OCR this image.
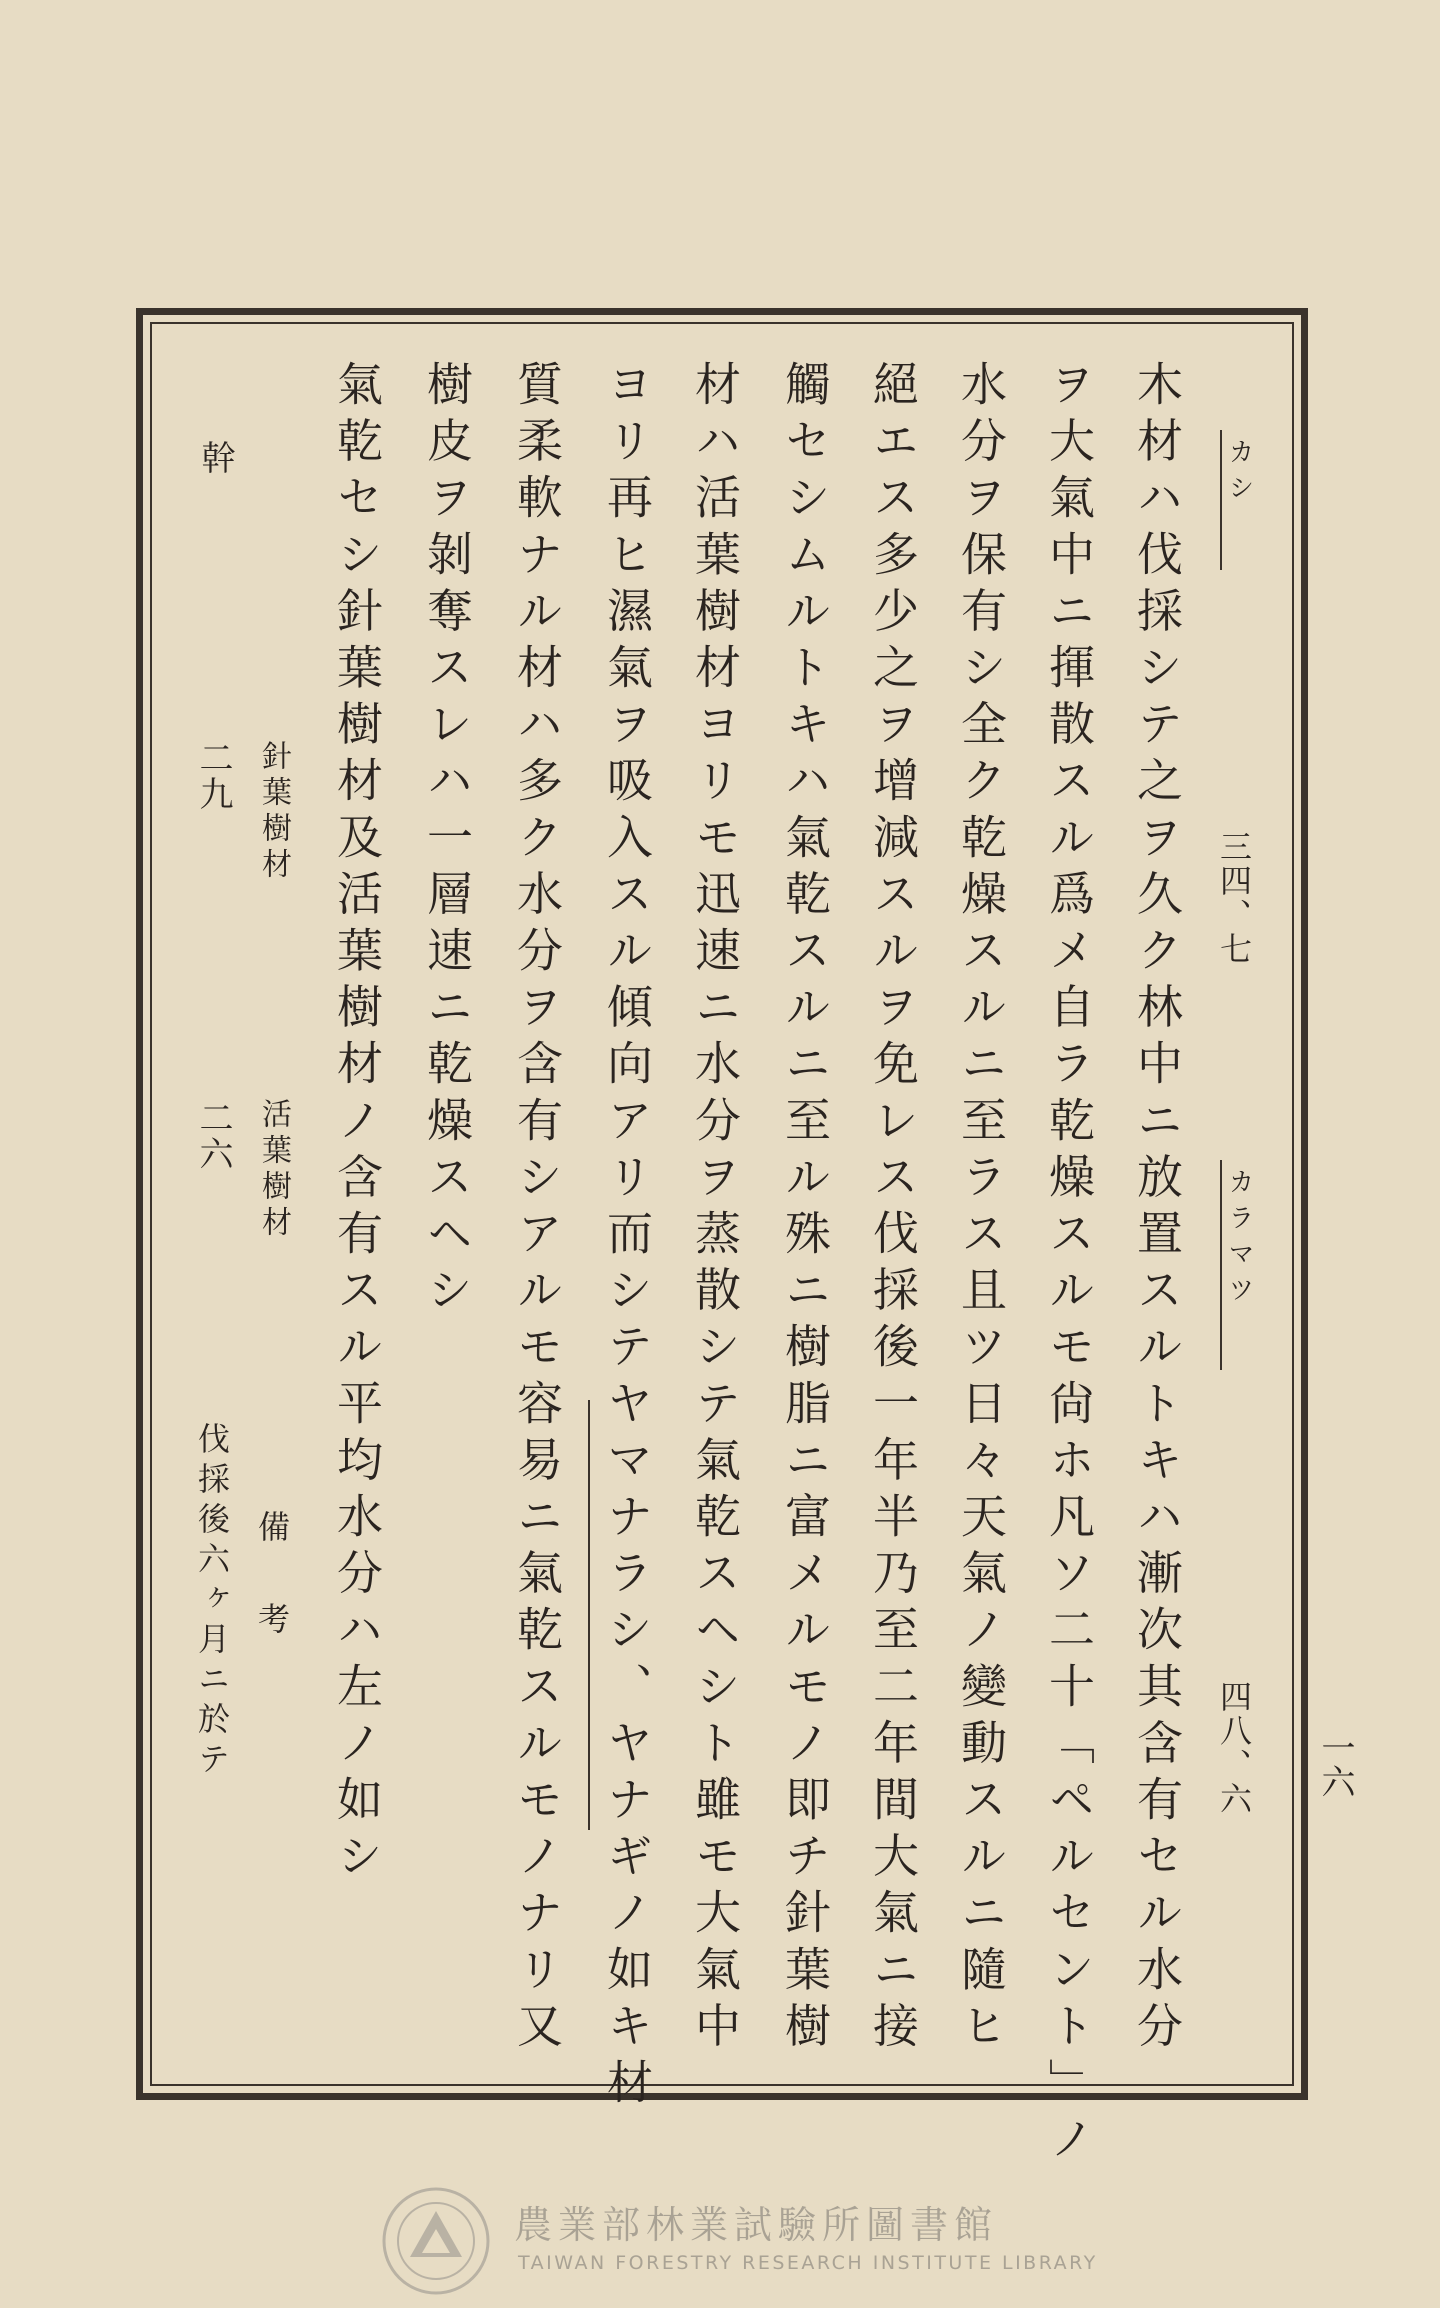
一六
カシ
三四、七
カラマツ
四八、六
木材ハ伐採シテ之ヲ久ク林中ニ放置スルトキハ漸次其含有セル水分
ヲ大氣中ニ揮散スル爲メ自ラ乾燥スルモ尙ホ凡ソ二十「ペルセント」ノ
水分ヲ保有シ全ク乾燥スルニ至ラス且ツ日々天氣ノ變動スルニ隨ヒ
絕エス多少之ヲ增減スルヲ免レス伐採後一年半乃至二年間大氣ニ接
觸セシムルトキハ氣乾スルニ至ル殊ニ樹脂ニ富メルモノ即チ針葉樹
材ハ活葉樹材ヨリモ迅速ニ水分ヲ蒸散シテ氣乾スヘシト雖モ大氣中
ヨリ再ヒ濕氣ヲ吸入スル傾向アリ而シテヤマナラシ、ヤナギノ如キ材
質柔軟ナル材ハ多ク水分ヲ含有シアルモ容易ニ氣乾スルモノナリ又
樹皮ヲ剝奪スレハ一層速ニ乾燥スヘシ
氣乾セシ針葉樹材及活葉樹材ノ含有スル平均水分ハ左ノ如シ
針葉樹材
活葉樹材
備　考
幹
二九
二六
伐採後六ヶ月ニ於テ
農業部林業試驗所圖書館
TAIWAN FORESTRY RESEARCH INSTITUTE LIBRARY
